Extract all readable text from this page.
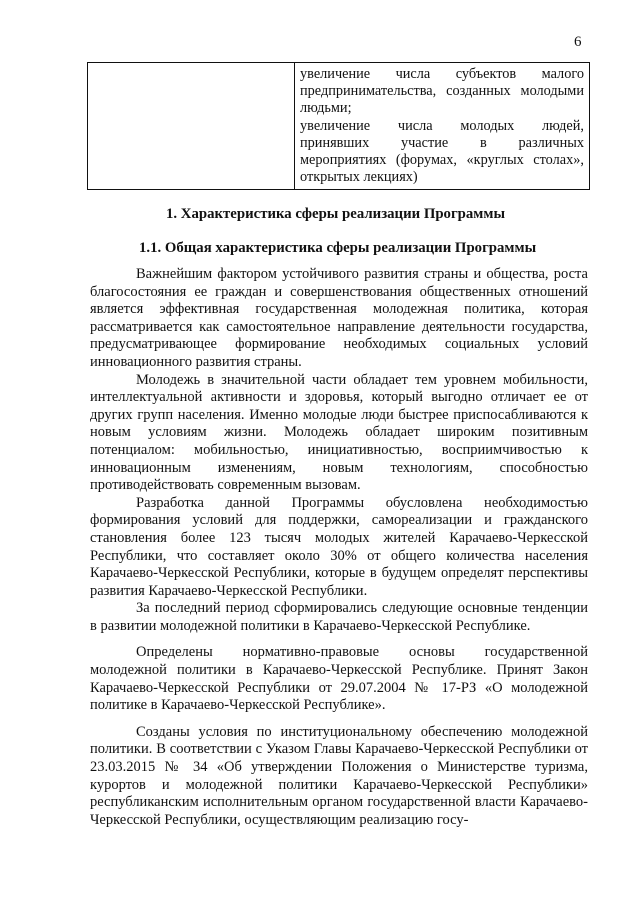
6

увеличение числа субъектов малого предпринимательства, созданных молодыми людьми;
увеличение числа молодых людей, принявших участие в различных мероприятиях (форумах, «круглых столах», открытых лекциях)
1. Характеристика сферы реализации Программы
1.1. Общая характеристика сферы реализации Программы

Важнейшим фактором устойчивого развития страны и общества, роста благосостояния ее граждан и совершенствования общественных отношений является эффективная государственная молодежная политика, которая рассматривается как самостоятельное направление деятельности государства, предусматривающее формирование необходимых социальных условий инновационного развития страны.

Молодежь в значительной части обладает тем уровнем мобильности, интеллектуальной активности и здоровья, который выгодно отличает ее от других групп населения. Именно молодые люди быстрее приспосабливаются к новым условиям жизни. Молодежь обладает широким позитивным потенциалом: мобильностью, инициативностью, восприимчивостью к инновационным изменениям, новым технологиям, способностью противодействовать современным вызовам.

Разработка данной Программы обусловлена необходимостью формирования условий для поддержки, самореализации и гражданского становления более 123 тысяч молодых жителей Карачаево-Черкесской Республики, что составляет около 30% от общего количества населения Карачаево-Черкесской Республики, которые в будущем определят перспективы развития Карачаево-Черкесской Республики.

За последний период сформировались следующие основные тенденции в развитии молодежной политики в Карачаево-Черкесской Республике.

Определены нормативно-правовые основы государственной молодежной политики в Карачаево-Черкесской Республике. Принят Закон Карачаево-Черкесской Республики от 29.07.2004 № 17-РЗ «О молодежной политике в Карачаево-Черкесской Республике».

Созданы условия по институциональному обеспечению молодежной политики. В соответствии с Указом Главы Карачаево-Черкесской Республики от 23.03.2015 № 34 «Об утверждении Положения о Министерстве туризма, курортов и молодежной политики Карачаево-Черкесской Республики» республиканским исполнительным органом государственной власти Карачаево-Черкесской Республики, осуществляющим реализацию госу-
